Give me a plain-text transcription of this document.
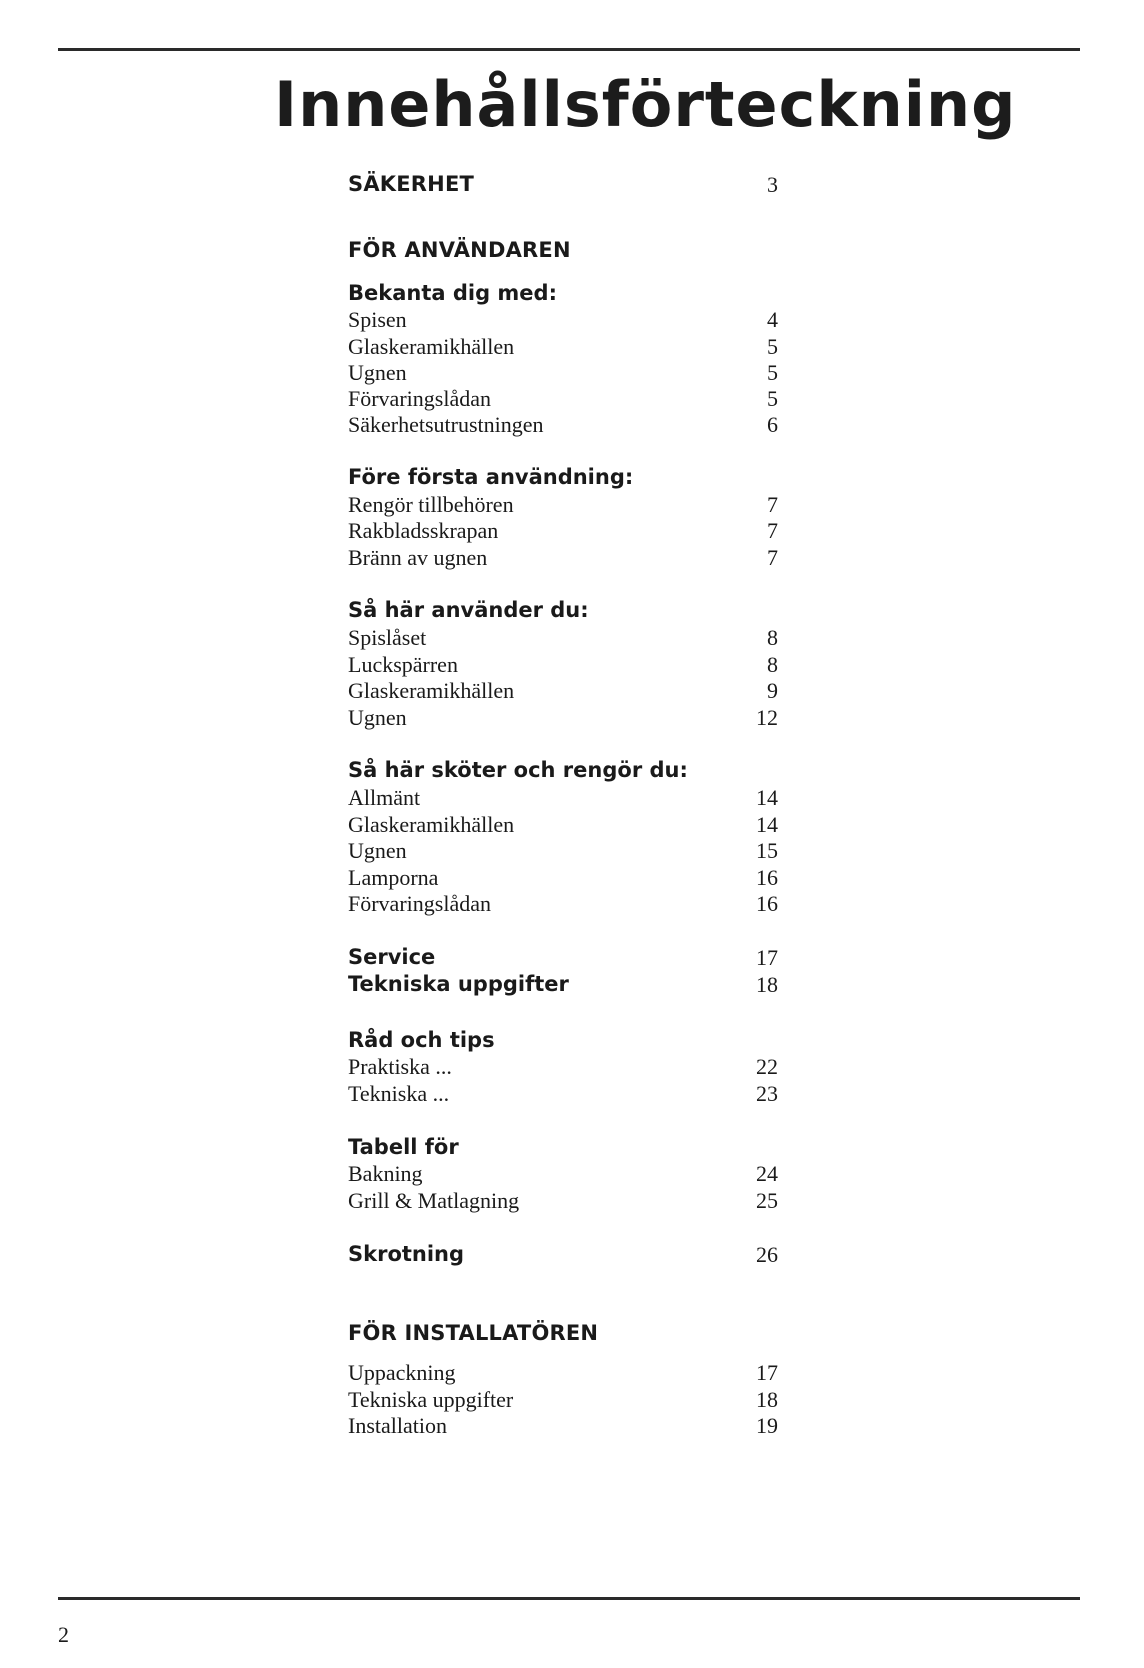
Innehållsförteckning
SÄKERHET	3
FÖR ANVÄNDAREN
Bekanta dig med:
Spisen	4
Glaskeramikhällen	5
Ugnen	5
Förvaringslådan	5
Säkerhetsutrustningen	6
Före första användning:
Rengör tillbehören	7
Rakbladsskrapan	7
Bränn av ugnen	7
Så här använder du:
Spislåset	8
Luckspärren	8
Glaskeramikhällen	9
Ugnen	12
Så här sköter och rengör du:
Allmänt	14
Glaskeramikhällen	14
Ugnen	15
Lamporna	16
Förvaringslådan	16
Service	17
Tekniska uppgifter	18
Råd och tips
Praktiska ...	22
Tekniska ...	23
Tabell för
Bakning	24
Grill & Matlagning	25
Skrotning	26
FÖR INSTALLATÖREN
Uppackning	17
Tekniska uppgifter	18
Installation	19
2
